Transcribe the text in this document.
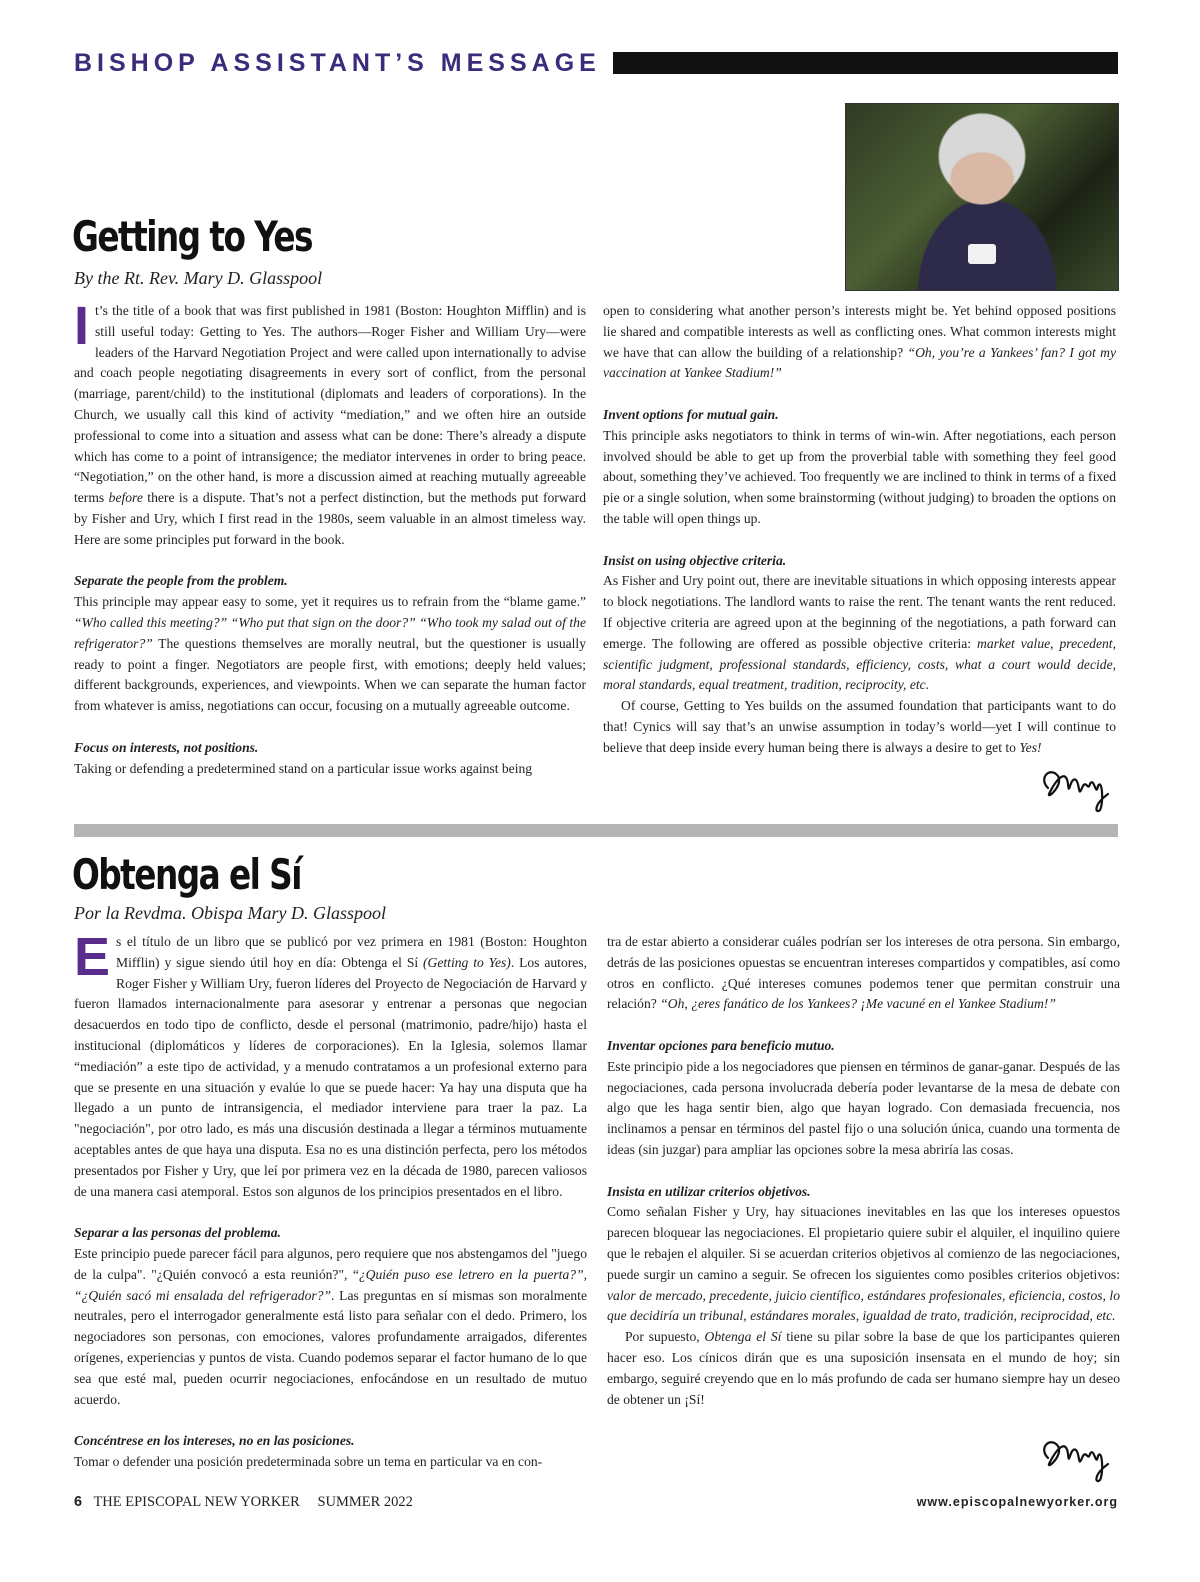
BISHOP ASSISTANT’S MESSAGE
Getting to Yes
By the Rt. Rev. Mary D. Glasspool

It’s the title of a book that was first published in 1981 (Boston: Houghton Mifflin) and is still useful today: Getting to Yes. The authors—Roger Fisher and William Ury—were leaders of the Harvard Negotiation Project and were called upon internationally to advise and coach people negotiating disagreements in every sort of conflict, from the personal (marriage, parent/child) to the institutional (diplomats and leaders of corporations). In the Church, we usually call this kind of activity “mediation,” and we often hire an outside professional to come into a situation and assess what can be done: There’s already a dispute which has come to a point of intransigence; the mediator intervenes in order to bring peace. “Negotiation,” on the other hand, is more a discussion aimed at reaching mutually agreeable terms before there is a dispute. That’s not a perfect distinction, but the methods put forward by Fisher and Ury, which I first read in the 1980s, seem valuable in an almost timeless way. Here are some principles put forward in the book.

Separate the people from the problem.

This principle may appear easy to some, yet it requires us to refrain from the “blame game.” “Who called this meeting?” “Who put that sign on the door?” “Who took my salad out of the refrigerator?” The questions themselves are morally neutral, but the questioner is usually ready to point a finger. Negotiators are people first, with emotions; deeply held values; different backgrounds, experiences, and viewpoints. When we can separate the human factor from whatever is amiss, negotiations can occur, focusing on a mutually agreeable outcome.

Focus on interests, not positions.

Taking or defending a predetermined stand on a particular issue works against being

open to considering what another person’s interests might be. Yet behind opposed positions lie shared and compatible interests as well as conflicting ones. What common interests might we have that can allow the building of a relationship? “Oh, you’re a Yankees’ fan? I got my vaccination at Yankee Stadium!”

Invent options for mutual gain.

This principle asks negotiators to think in terms of win-win. After negotiations, each person involved should be able to get up from the proverbial table with something they feel good about, something they’ve achieved. Too frequently we are inclined to think in terms of a fixed pie or a single solution, when some brainstorming (without judging) to broaden the options on the table will open things up.

Insist on using objective criteria.

As Fisher and Ury point out, there are inevitable situations in which opposing interests appear to block negotiations. The landlord wants to raise the rent. The tenant wants the rent reduced. If objective criteria are agreed upon at the beginning of the negotiations, a path forward can emerge. The following are offered as possible objective criteria: market value, precedent, scientific judgment, professional standards, efficiency, costs, what a court would decide, moral standards, equal treatment, tradition, reciprocity, etc.

Of course, Getting to Yes builds on the assumed foundation that participants want to do that! Cynics will say that’s an unwise assumption in today’s world—yet I will continue to believe that deep inside every human being there is always a desire to get to Yes!

Obtenga el Sí
Por la Revdma. Obispa Mary D. Glasspool

Es el título de un libro que se publicó por vez primera en 1981 (Boston: Houghton Mifflin) y sigue siendo útil hoy en día: Obtenga el Sí (Getting to Yes). Los autores, Roger Fisher y William Ury, fueron líderes del Proyecto de Negociación de Harvard y fueron llamados internacionalmente para asesorar y entrenar a personas que negocian desacuerdos en todo tipo de conflicto, desde el personal (matrimonio, padre/hijo) hasta el institucional (diplomáticos y líderes de corporaciones). En la Iglesia, solemos llamar “mediación” a este tipo de actividad, y a menudo contratamos a un profesional externo para que se presente en una situación y evalúe lo que se puede hacer: Ya hay una disputa que ha llegado a un punto de intransigencia, el mediador interviene para traer la paz. La "negociación", por otro lado, es más una discusión destinada a llegar a términos mutuamente aceptables antes de que haya una disputa. Esa no es una distinción perfecta, pero los métodos presentados por Fisher y Ury, que leí por primera vez en la década de 1980, parecen valiosos de una manera casi atemporal. Estos son algunos de los principios presentados en el libro.

Separar a las personas del problema.

Este principio puede parecer fácil para algunos, pero requiere que nos abstengamos del "juego de la culpa". "¿Quién convocó a esta reunión?", “¿Quién puso ese letrero en la puerta?”, “¿Quién sacó mi ensalada del refrigerador?”. Las preguntas en sí mismas son moralmente neutrales, pero el interrogador generalmente está listo para señalar con el dedo. Primero, los negociadores son personas, con emociones, valores profundamente arraigados, diferentes orígenes, experiencias y puntos de vista. Cuando podemos separar el factor humano de lo que sea que esté mal, pueden ocurrir negociaciones, enfocándose en un resultado de mutuo acuerdo.

Concéntrese en los intereses, no en las posiciones.

Tomar o defender una posición predeterminada sobre un tema en particular va en con-

tra de estar abierto a considerar cuáles podrían ser los intereses de otra persona. Sin embargo, detrás de las posiciones opuestas se encuentran intereses compartidos y compatibles, así como otros en conflicto. ¿Qué intereses comunes podemos tener que permitan construir una relación? “Oh, ¿eres fanático de los Yankees? ¡Me vacuné en el Yankee Stadium!”

Inventar opciones para beneficio mutuo.

Este principio pide a los negociadores que piensen en términos de ganar-ganar. Después de las negociaciones, cada persona involucrada debería poder levantarse de la mesa de debate con algo que les haga sentir bien, algo que hayan logrado. Con demasiada frecuencia, nos inclinamos a pensar en términos del pastel fijo o una solución única, cuando una tormenta de ideas (sin juzgar) para ampliar las opciones sobre la mesa abriría las cosas.

Insista en utilizar criterios objetivos.

Como señalan Fisher y Ury, hay situaciones inevitables en las que los intereses opuestos parecen bloquear las negociaciones. El propietario quiere subir el alquiler, el inquilino quiere que le rebajen el alquiler. Si se acuerdan criterios objetivos al comienzo de las negociaciones, puede surgir un camino a seguir. Se ofrecen los siguientes como posibles criterios objetivos: valor de mercado, precedente, juicio científico, estándares profesionales, eficiencia, costos, lo que decidiría un tribunal, estándares morales, igualdad de trato, tradición, reciprocidad, etc.

Por supuesto, Obtenga el Sí tiene su pilar sobre la base de que los participantes quieren hacer eso. Los cínicos dirán que es una suposición insensata en el mundo de hoy; sin embargo, seguiré creyendo que en lo más profundo de cada ser humano siempre hay un deseo de obtener un ¡Sí!

6 THE EPISCOPAL NEW YORKER SUMMER 2022	www.episcopalnewyorker.org
